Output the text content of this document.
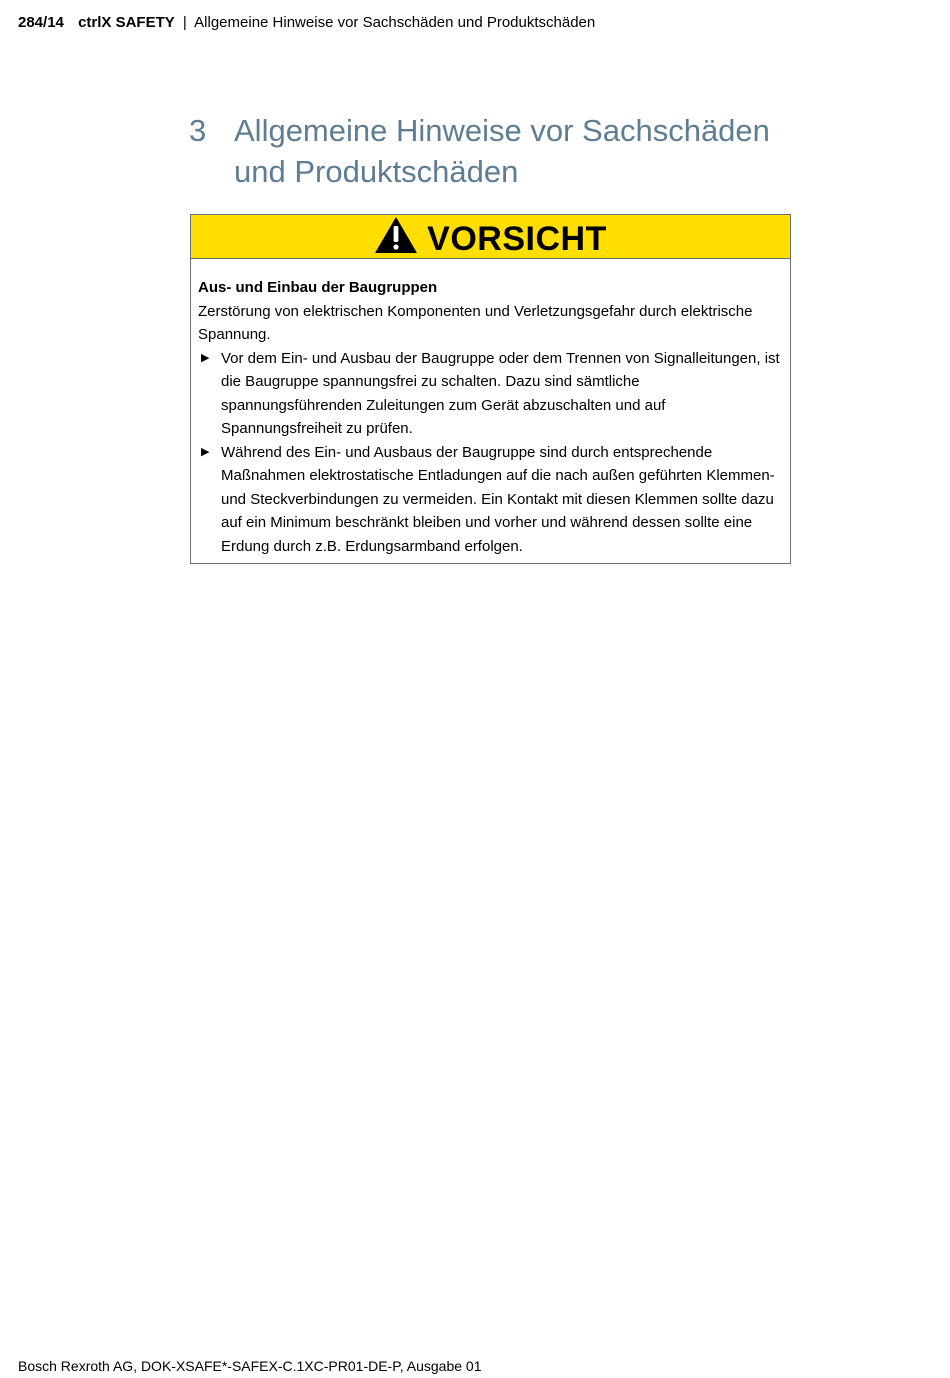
284/14 ctrlX SAFETY | Allgemeine Hinweise vor Sachschäden und Produktschäden
3 Allgemeine Hinweise vor Sachschäden und Produktschäden
VORSICHT
Aus- und Einbau der Baugruppen
Zerstörung von elektrischen Komponenten und Verletzungsgefahr durch elektrische Spannung.
▶ Vor dem Ein- und Ausbau der Baugruppe oder dem Trennen von Signalleitungen, ist die Baugruppe spannungsfrei zu schalten. Dazu sind sämtliche spannungsführenden Zuleitungen zum Gerät abzuschalten und auf Spannungsfreiheit zu prüfen.
▶ Während des Ein- und Ausbaus der Baugruppe sind durch entsprechende Maßnahmen elektrostatische Entladungen auf die nach außen geführten Klemmen- und Steckverbindungen zu vermeiden. Ein Kontakt mit diesen Klemmen sollte dazu auf ein Minimum beschränkt bleiben und vorher und während dessen sollte eine Erdung durch z.B. Erdungsarmband erfolgen.
Bosch Rexroth AG, DOK-XSAFE*-SAFEX-C.1XC-PR01-DE-P, Ausgabe 01
